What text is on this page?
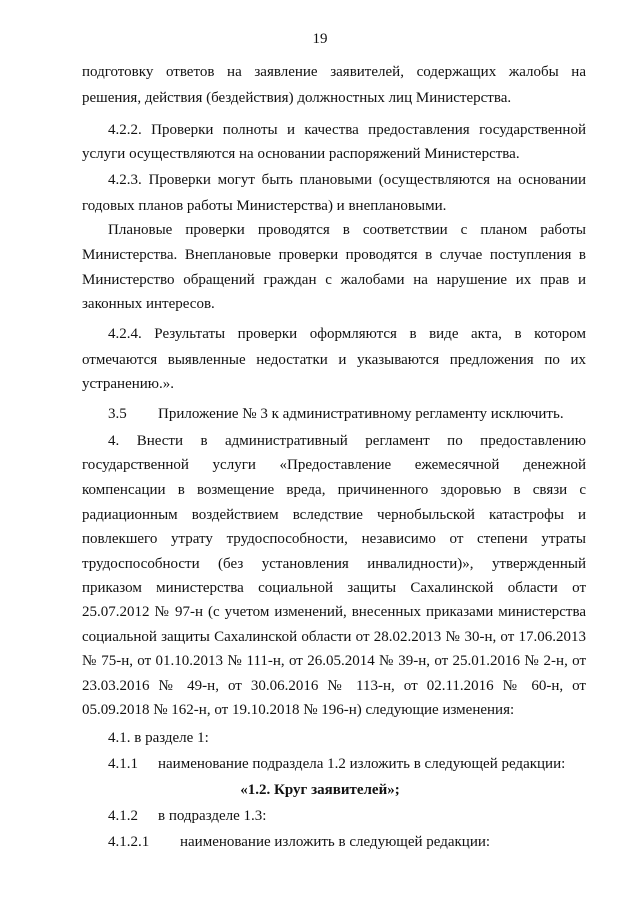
19
подготовку ответов на заявление заявителей, содержащих жалобы на
решения, действия (бездействия) должностных лиц Министерства.
4.2.2. Проверки полноты и качества предоставления государственной
услуги осуществляются на основании распоряжений Министерства.
4.2.3. Проверки могут быть плановыми (осуществляются на основании
годовых планов работы Министерства) и внеплановыми.
Плановые проверки проводятся в соответствии с планом работы
Министерства. Внеплановые проверки проводятся в случае поступления в
Министерство обращений граждан с жалобами на нарушение их прав и
законных интересов.
4.2.4. Результаты проверки оформляются в виде акта, в котором
отмечаются выявленные недостатки и указываются предложения по их
устранению.».
3.5 Приложение № 3 к административному регламенту исключить.
4. Внести в административный регламент по предоставлению
государственной услуги «Предоставление ежемесячной денежной
компенсации в возмещение вреда, причиненного здоровью в связи с
радиационным воздействием вследствие чернобыльской катастрофы и
повлекшего утрату трудоспособности, независимо от степени утраты
трудоспособности (без установления инвалидности)», утвержденный
приказом министерства социальной защиты Сахалинской области от
25.07.2012 № 97-н (с учетом изменений, внесенных приказами министерства
социальной защиты Сахалинской области от 28.02.2013 № 30-н, от 17.06.2013
№ 75-н, от 01.10.2013 № 111-н, от 26.05.2014 № 39-н, от 25.01.2016 № 2-н, от
23.03.2016 № 49-н, от 30.06.2016 № 113-н, от 02.11.2016 № 60-н, от
05.09.2018 № 162-н, от 19.10.2018 № 196-н) следующие изменения:
4.1. в разделе 1:
4.1.1 наименование подраздела 1.2 изложить в следующей редакции:
«1.2. Круг заявителей»;
4.1.2 в подразделе 1.3:
4.1.2.1 наименование изложить в следующей редакции:
